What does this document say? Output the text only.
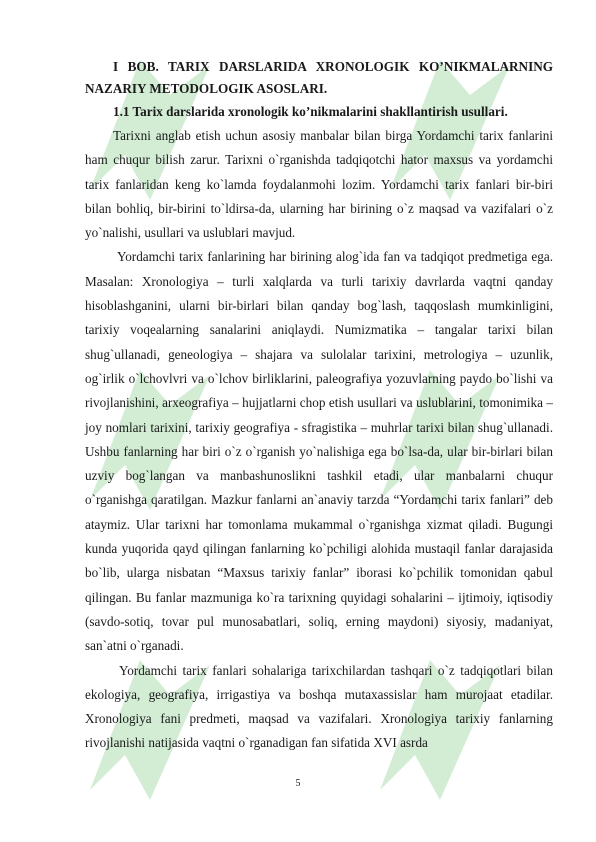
I BOB. TARIX DARSLARIDA XRONOLOGIK KO’NIKMALARNING NAZARIY METODOLOGIK ASOSLARI.
1.1 Tarix darslarida xronologik ko’nikmalarini shakllantirish usullari.

Tarixni anglab etish uchun asosiy manbalar bilan birga Yordamchi tarix fanlarini ham chuqur bilish zarur. Tarixni o`rganishda tadqiqotchi hator maxsus va yordamchi tarix fanlaridan keng ko`lamda foydalanmohi lozim. Yordamchi tarix fanlari bir-biri bilan bohliq, bir-birini to`ldirsa-da, ularning har birining o`z maqsad va vazifalari o`z yo`nalishi, usullari va uslublari mavjud.

Yordamchi tarix fanlarining har birining alog`ida fan va tadqiqot predmetiga ega. Masalan: Xronologiya – turli xalqlarda va turli tarixiy davrlarda vaqtni qanday hisoblashganini, ularni bir-birlari bilan qanday bog`lash, taqqoslash mumkinligini, tarixiy voqealarning sanalarini aniqlaydi. Numizmatika – tangalar tarixi bilan shug`ullanadi, geneologiya – shajara va sulolalar tarixini, metrologiya – uzunlik, og`irlik o`lchovlvri va o`lchov birliklarini, paleografiya yozuvlarning paydo bo`lishi va rivojlanishini, arxeografiya – hujjatlarni chop etish usullari va uslublarini, tomonimika – joy nomlari tarixini, tarixiy geografiya - sfragistika – muhrlar tarixi bilan shug`ullanadi. Ushbu fanlarning har biri o`z o`rganish yo`nalishiga ega bo`lsa-da, ular bir-birlari bilan uzviy bog`langan va manbashunoslikni tashkil etadi, ular manbalarni chuqur o`rganishga qaratilgan. Mazkur fanlarni an`anaviy tarzda “Yordamchi tarix fanlari” deb ataymiz. Ular tarixni har tomonlama mukammal o`rganishga xizmat qiladi. Bugungi kunda yuqorida qayd qilingan fanlarning ko`pchiligi alohida mustaqil fanlar darajasida bo`lib, ularga nisbatan “Maxsus tarixiy fanlar” iborasi ko`pchilik tomonidan qabul qilingan. Bu fanlar mazmuniga ko`ra tarixning quyidagi sohalarini – ijtimoiy, iqtisodiy (savdo-sotiq, tovar pul munosabatlari, soliq, erning maydoni) siyosiy, madaniyat, san`atni o`rganadi.

Yordamchi tarix fanlari sohalariga tarixchilardan tashqari o`z tadqiqotlari bilan ekologiya, geografiya, irrigastiya va boshqa mutaxassislar ham murojaat etadilar. Xronologiya fani predmeti, maqsad va vazifalari. Xronologiya tarixiy fanlarning rivojlanishi natijasida vaqtni o`rganadigan fan sifatida XVI asrda

5
